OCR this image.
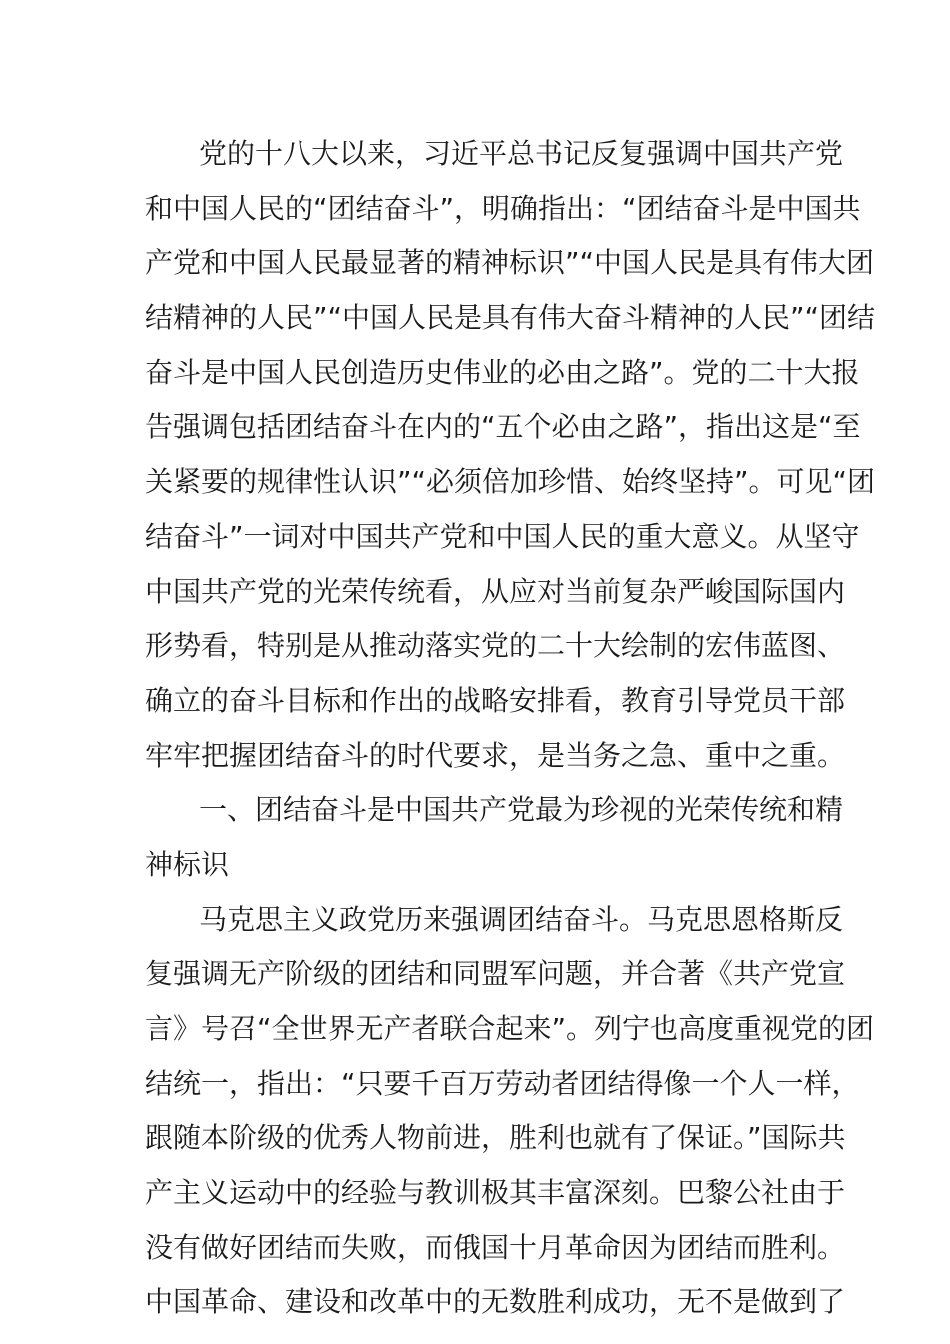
党的十八大以来，习近平总书记反复强调中国共产党
和中国人民的“团结奋斗”，明确指出：“团结奋斗是中国共
产党和中国人民最显著的精神标识”“中国人民是具有伟大团
结精神的人民”“中国人民是具有伟大奋斗精神的人民”“团结
奋斗是中国人民创造历史伟业的必由之路”。党的二十大报
告强调包括团结奋斗在内的“五个必由之路”，指出这是“至
关紧要的规律性认识”“必须倍加珍惜、始终坚持”。可见“团
结奋斗”一词对中国共产党和中国人民的重大意义。从坚守
中国共产党的光荣传统看，从应对当前复杂严峻国际国内
形势看，特别是从推动落实党的二十大绘制的宏伟蓝图、
确立的奋斗目标和作出的战略安排看，教育引导党员干部
牢牢把握团结奋斗的时代要求，是当务之急、重中之重。
一、团结奋斗是中国共产党最为珍视的光荣传统和精
神标识
马克思主义政党历来强调团结奋斗。马克思恩格斯反
复强调无产阶级的团结和同盟军问题，并合著《共产党宣
言》号召“全世界无产者联合起来”。列宁也高度重视党的团
结统一，指出：“只要千百万劳动者团结得像一个人一样，
跟随本阶级的优秀人物前进，胜利也就有了保证。”国际共
产主义运动中的经验与教训极其丰富深刻。巴黎公社由于
没有做好团结而失败，而俄国十月革命因为团结而胜利。
中国革命、建设和改革中的无数胜利成功，无不是做到了
